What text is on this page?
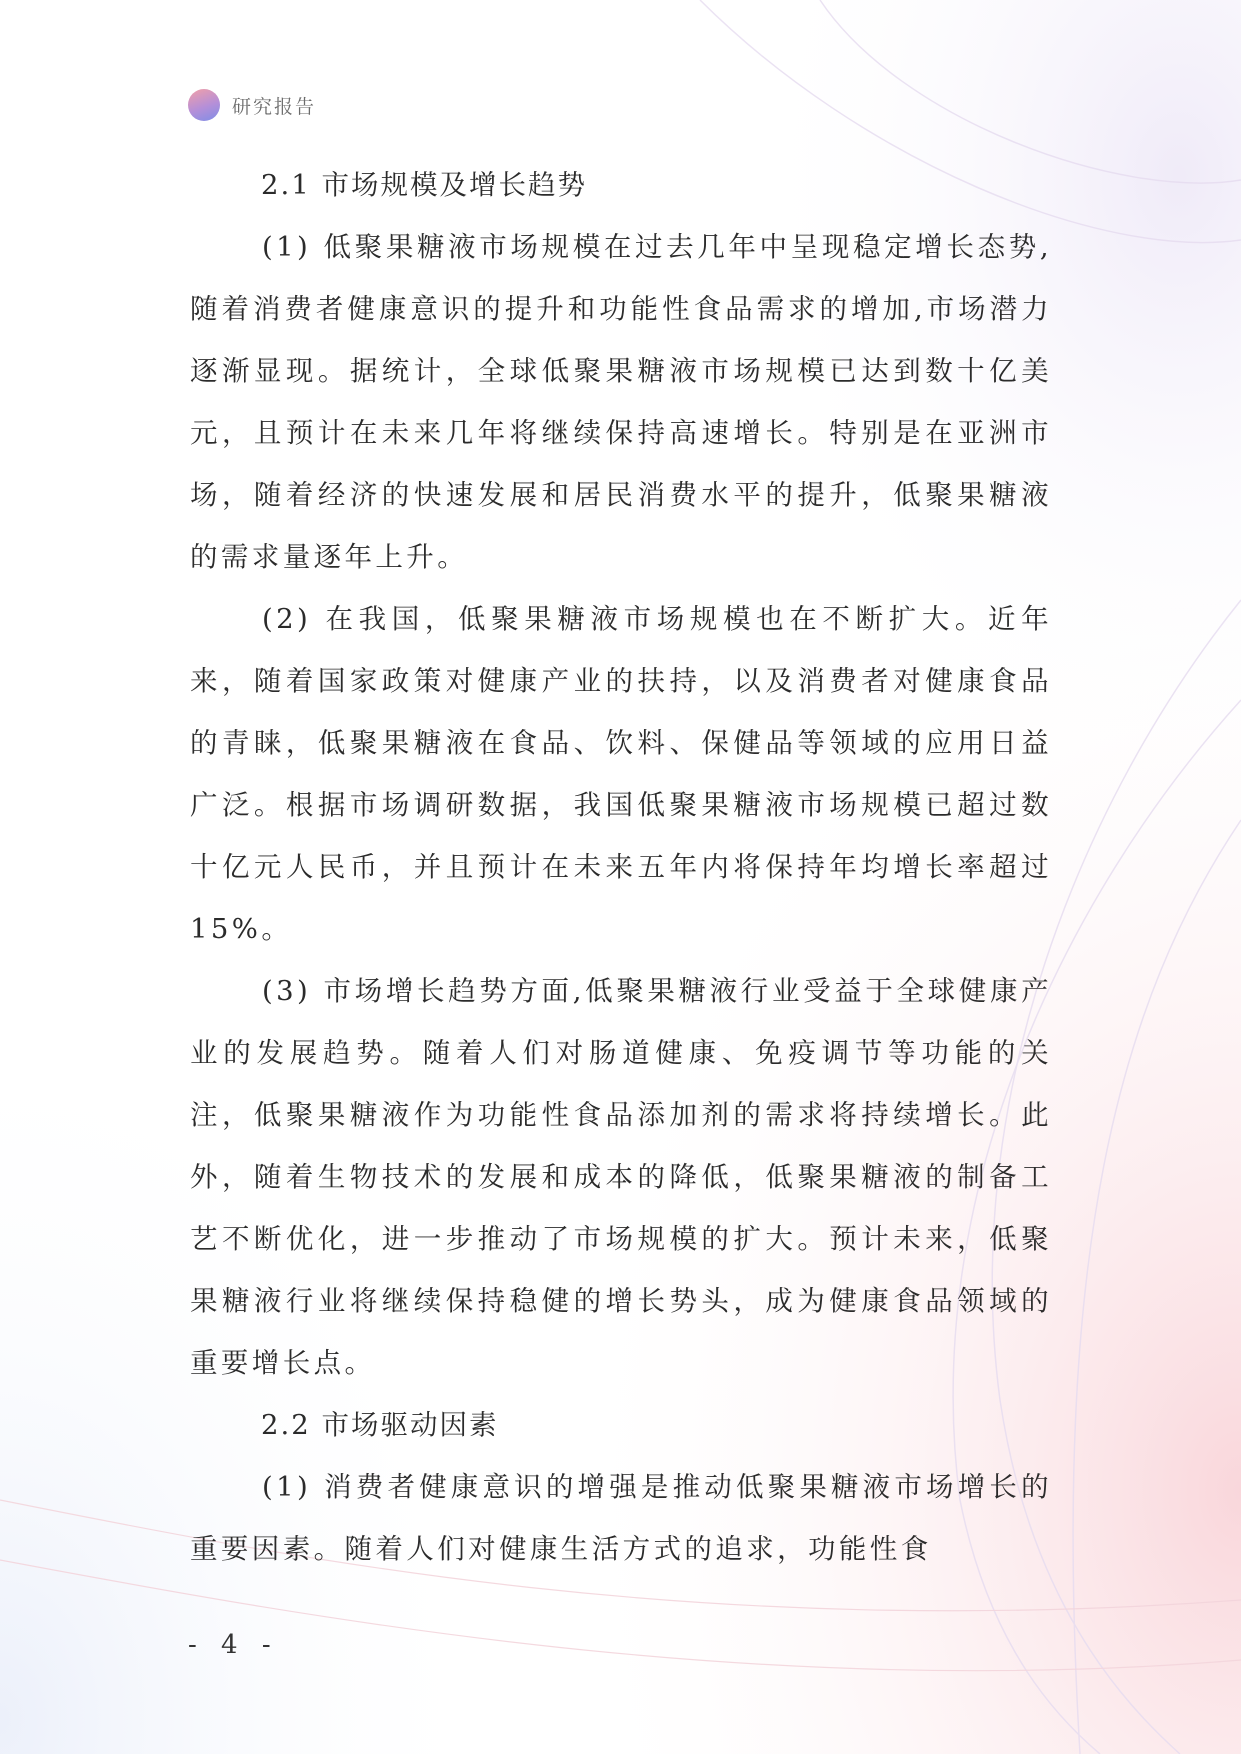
研究报告
2.1 市场规模及增长趋势

(1) 低聚果糖液市场规模在过去几年中呈现稳定增长态势,随着消费者健康意识的提升和功能性食品需求的增加,市场潜力逐渐显现。据统计，全球低聚果糖液市场规模已达到数十亿美元，且预计在未来几年将继续保持高速增长。特别是在亚洲市场，随着经济的快速发展和居民消费水平的提升，低聚果糖液的需求量逐年上升。

(2) 在我国，低聚果糖液市场规模也在不断扩大。近年来，随着国家政策对健康产业的扶持，以及消费者对健康食品的青睐，低聚果糖液在食品、饮料、保健品等领域的应用日益广泛。根据市场调研数据，我国低聚果糖液市场规模已超过数十亿元人民币，并且预计在未来五年内将保持年均增长率超过 15%。

(3) 市场增长趋势方面,低聚果糖液行业受益于全球健康产业的发展趋势。随着人们对肠道健康、免疫调节等功能的关注，低聚果糖液作为功能性食品添加剂的需求将持续增长。此外，随着生物技术的发展和成本的降低，低聚果糖液的制备工艺不断优化，进一步推动了市场规模的扩大。预计未来，低聚果糖液行业将继续保持稳健的增长势头，成为健康食品领域的重要增长点。

2.2 市场驱动因素

(1) 消费者健康意识的增强是推动低聚果糖液市场增长的重要因素。随着人们对健康生活方式的追求，功能性食

- 4 -
